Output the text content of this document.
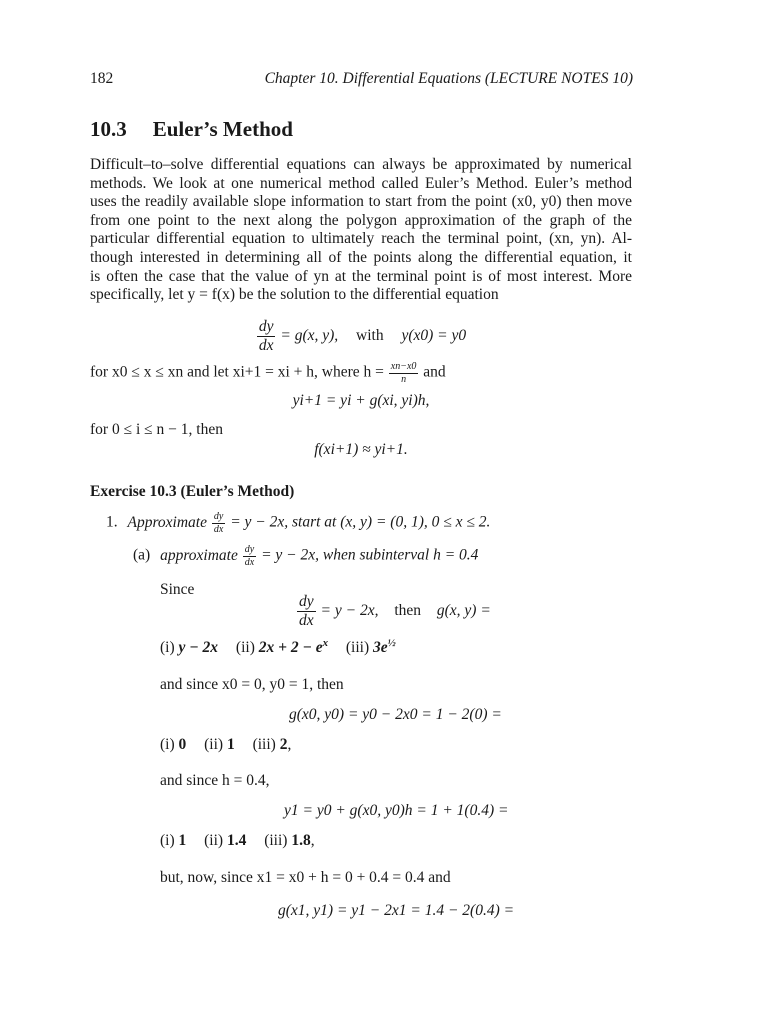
182	Chapter 10. Differential Equations (LECTURE NOTES 10)
10.3 Euler’s Method
Difficult–to–solve differential equations can always be approximated by numerical
methods. We look at one numerical method called Euler’s Method. Euler’s method
uses the readily available slope information to start from the point (x0, y0) then move
from one point to the next along the polygon approximation of the graph of the
particular differential equation to ultimately reach the terminal point, (xn, yn). Al-
though interested in determining all of the points along the differential equation, it
is often the case that the value of yn at the terminal point is of most interest. More
specifically, let y = f(x) be the solution to the differential equation
$\frac{dy}{dx} = g(x$, y), with y(x0) = y0
for x0 ≤ x ≤ xn and let xi+1 = xi + h, where $h = \frac{xn-x0}{n}$ and
yi+1 = yi + g(xi, yi)h,
for 0 ≤ i ≤ n − 1, then
f(xi+1) ≈ yi+1.
Exercise 10.3 (Euler’s Method)
1. Approximate $\frac{dy}{dx} = y - 2x$, start at (x, y) = (0, 1), 0 ≤ x ≤ 2.
(a) approximate $\frac{dy}{dx} = y - 2x$, when subinterval h = 0.4
Since
$\frac{dy}{dx} = y - 2x$, then g(x, y) =
(i) y − 2x (ii) $2x + 2 - e^x$ (iii) $3e^{\frac{1}{2}}$
and since x0 = 0, y0 = 1, then
g(x0, y0) = y0 − 2x0 = 1 − 2(0) =
(i) 0 (ii) 1 (iii) 2,
and since h = 0.4,
y1 = y0 + g(x0, y0)h = 1 + 1(0.4) =
(i) 1 (ii) 1.4 (iii) 1.8,
but, now, since x1 = x0 + h = 0 + 0.4 = 0.4 and
g(x1, y1) = y1 − 2x1 = 1.4 − 2(0.4) =
